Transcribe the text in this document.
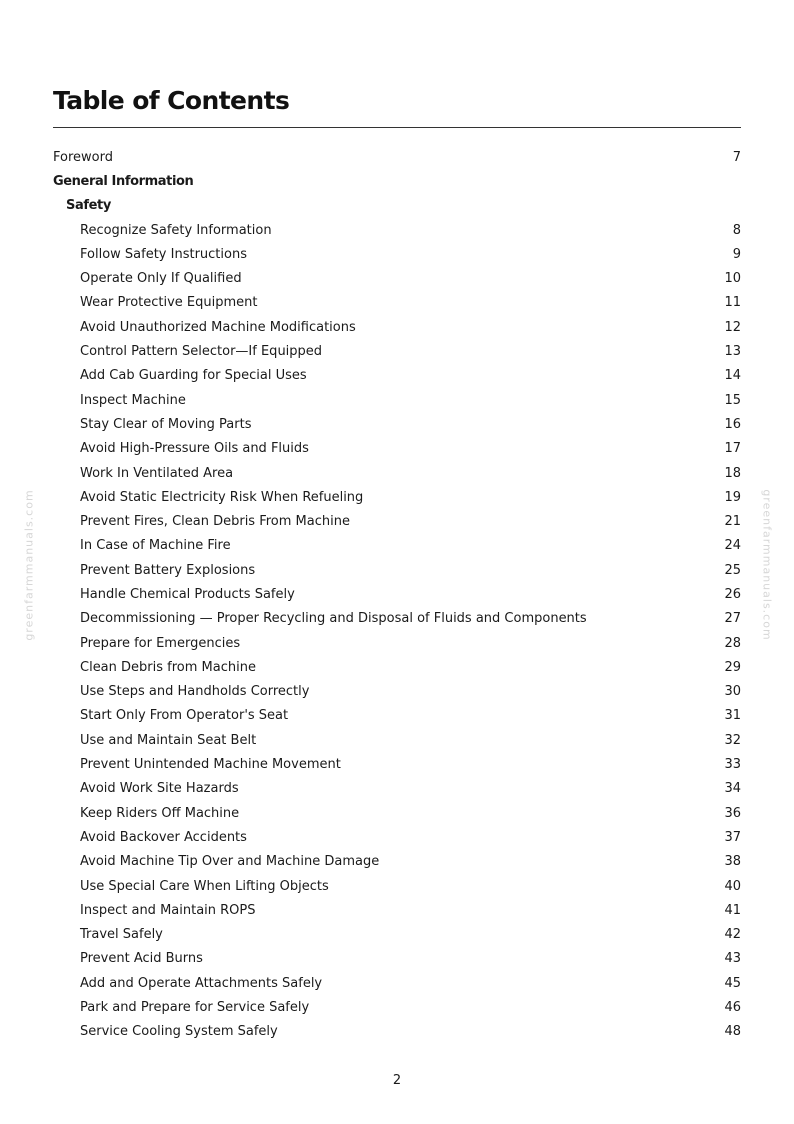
Table of Contents
Foreword	7
General Information
Safety
Recognize Safety Information	8
Follow Safety Instructions	9
Operate Only If Qualified	10
Wear Protective Equipment	11
Avoid Unauthorized Machine Modifications	12
Control Pattern Selector—If Equipped	13
Add Cab Guarding for Special Uses	14
Inspect Machine	15
Stay Clear of Moving Parts	16
Avoid High-Pressure Oils and Fluids	17
Work In Ventilated Area	18
Avoid Static Electricity Risk When Refueling	19
Prevent Fires, Clean Debris From Machine	21
In Case of Machine Fire	24
Prevent Battery Explosions	25
Handle Chemical Products Safely	26
Decommissioning — Proper Recycling and Disposal of Fluids and Components	27
Prepare for Emergencies	28
Clean Debris from Machine	29
Use Steps and Handholds Correctly	30
Start Only From Operator's Seat	31
Use and Maintain Seat Belt	32
Prevent Unintended Machine Movement	33
Avoid Work Site Hazards	34
Keep Riders Off Machine	36
Avoid Backover Accidents	37
Avoid Machine Tip Over and Machine Damage	38
Use Special Care When Lifting Objects	40
Inspect and Maintain ROPS	41
Travel Safely	42
Prevent Acid Burns	43
Add and Operate Attachments Safely	45
Park and Prepare for Service Safely	46
Service Cooling System Safely	48
2
greenfarmmanuals.com	greenfarmmanuals.com
